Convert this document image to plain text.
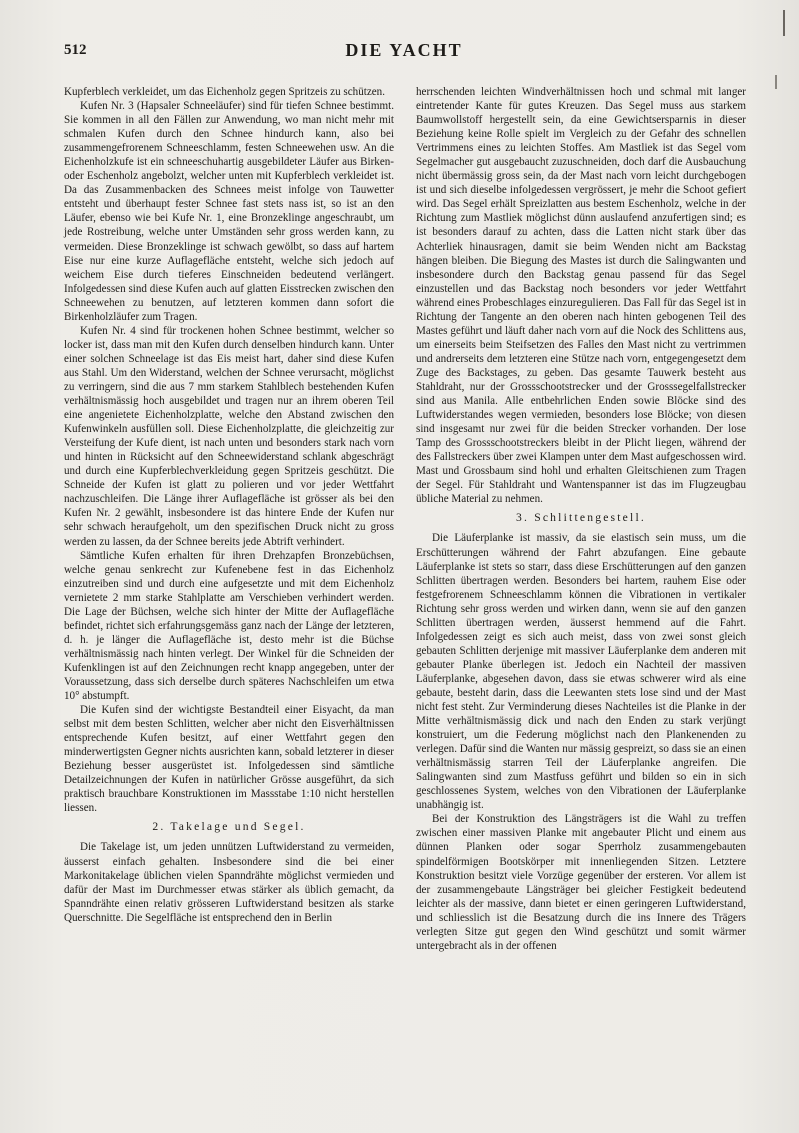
512	DIE YACHT

Kupferblech verkleidet, um das Eichenholz gegen Spritzeis zu schützen.

Kufen Nr. 3 (Hapsaler Schneeläufer) sind für tiefen Schnee bestimmt. Sie kommen in all den Fällen zur Anwendung, wo man nicht mehr mit schmalen Kufen durch den Schnee hindurch kann, also bei zusammengefrorenem Schneeschlamm, festen Schneewehen usw. An die Eichenholzkufe ist ein schneeschuhartig ausgebildeter Läufer aus Birken- oder Eschenholz angebolzt, welcher unten mit Kupferblech verkleidet ist. Da das Zusammenbacken des Schnees meist infolge von Tauwetter entsteht und überhaupt fester Schnee fast stets nass ist, so ist an den Läufer, ebenso wie bei Kufe Nr. 1, eine Bronzeklinge angeschraubt, um jede Rostreibung, welche unter Umständen sehr gross werden kann, zu vermeiden. Diese Bronzeklinge ist schwach gewölbt, so dass auf hartem Eise nur eine kurze Auflagefläche entsteht, welche sich jedoch auf weichem Eise durch tieferes Einschneiden bedeutend verlängert. Infolgedessen sind diese Kufen auch auf glatten Eisstrecken zwischen den Schneewehen zu benutzen, auf letzteren kommen dann sofort die Birkenholzläufer zum Tragen.

Kufen Nr. 4 sind für trockenen hohen Schnee bestimmt, welcher so locker ist, dass man mit den Kufen durch denselben hindurch kann. Unter einer solchen Schneelage ist das Eis meist hart, daher sind diese Kufen aus Stahl. Um den Widerstand, welchen der Schnee verursacht, möglichst zu verringern, sind die aus 7 mm starkem Stahlblech bestehenden Kufen verhältnismässig hoch ausgebildet und tragen nur an ihrem oberen Teil eine angenietete Eichenholzplatte, welche den Abstand zwischen den Kufenwinkeln ausfüllen soll. Diese Eichenholzplatte, die gleichzeitig zur Versteifung der Kufe dient, ist nach unten und besonders stark nach vorn und hinten in Rücksicht auf den Schneewiderstand schlank abgeschrägt und durch eine Kupferblechverkleidung gegen Spritzeis geschützt. Die Schneide der Kufen ist glatt zu polieren und vor jeder Wettfahrt nachzuschleifen. Die Länge ihrer Auflagefläche ist grösser als bei den Kufen Nr. 2 gewählt, insbesondere ist das hintere Ende der Kufen nur sehr schwach heraufgeholt, um den spezifischen Druck nicht zu gross werden zu lassen, da der Schnee bereits jede Abtrift verhindert.

Sämtliche Kufen erhalten für ihren Drehzapfen Bronzebüchsen, welche genau senkrecht zur Kufenebene fest in das Eichenholz einzutreiben sind und durch eine aufgesetzte und mit dem Eichenholz vernietete 2 mm starke Stahlplatte am Verschieben verhindert werden. Die Lage der Büchsen, welche sich hinter der Mitte der Auflagefläche befindet, richtet sich erfahrungsgemäss ganz nach der Länge der letzteren, d. h. je länger die Auflagefläche ist, desto mehr ist die Büchse verhältnismässig nach hinten verlegt. Der Winkel für die Schneiden der Kufenklingen ist auf den Zeichnungen recht knapp angegeben, unter der Voraussetzung, dass sich derselbe durch späteres Nachschleifen um etwa 10° abstumpft.

Die Kufen sind der wichtigste Bestandteil einer Eisyacht, da man selbst mit dem besten Schlitten, welcher aber nicht den Eisverhältnissen entsprechende Kufen besitzt, auf einer Wettfahrt gegen den minderwertigsten Gegner nichts ausrichten kann, sobald letzterer in dieser Beziehung besser ausgerüstet ist. Infolgedessen sind sämtliche Detailzeichnungen der Kufen in natürlicher Grösse ausgeführt, da sich praktisch brauchbare Konstruktionen im Massstabe 1:10 nicht herstellen liessen.

2. Takelage und Segel.

Die Takelage ist, um jeden unnützen Luftwiderstand zu vermeiden, äusserst einfach gehalten. Insbesondere sind die bei einer Markonitakelage üblichen vielen Spanndrähte möglichst vermieden und dafür der Mast im Durchmesser etwas stärker als üblich gemacht, da Spanndrähte einen relativ grösseren Luftwiderstand besitzen als starke Querschnitte. Die Segelfläche ist entsprechend den in Berlin

herrschenden leichten Windverhältnissen hoch und schmal mit langer eintretender Kante für gutes Kreuzen. Das Segel muss aus starkem Baumwollstoff hergestellt sein, da eine Gewichtsersparnis in dieser Beziehung keine Rolle spielt im Vergleich zu der Gefahr des schnellen Vertrimmens eines zu leichten Stoffes. Am Mastliek ist das Segel vom Segelmacher gut ausgebaucht zuzuschneiden, doch darf die Ausbauchung nicht übermässig gross sein, da der Mast nach vorn leicht durchgebogen ist und sich dieselbe infolgedessen vergrössert, je mehr die Schoot gefiert wird. Das Segel erhält Spreizlatten aus bestem Eschenholz, welche in der Richtung zum Mastliek möglichst dünn auslaufend anzufertigen sind; es ist besonders darauf zu achten, dass die Latten nicht stark über das Achterliek hinausragen, damit sie beim Wenden nicht am Backstag hängen bleiben. Die Biegung des Mastes ist durch die Salingwanten und insbesondere durch den Backstag genau passend für das Segel einzustellen und das Backstag noch besonders vor jeder Wettfahrt während eines Probeschlages einzuregulieren. Das Fall für das Segel ist in Richtung der Tangente an den oberen nach hinten gebogenen Teil des Mastes geführt und läuft daher nach vorn auf die Nock des Schlittens aus, um einerseits beim Steifsetzen des Falles den Mast nicht zu vertrimmen und andrerseits dem letzteren eine Stütze nach vorn, entgegengesetzt dem Zuge des Backstages, zu geben. Das gesamte Tauwerk besteht aus Stahldraht, nur der Grossschootstrecker und der Grosssegelfallstrecker sind aus Manila. Alle entbehrlichen Enden sowie Blöcke sind des Luftwiderstandes wegen vermieden, besonders lose Blöcke; von diesen sind insgesamt nur zwei für die beiden Strecker vorhanden. Der lose Tamp des Grossschootstreckers bleibt in der Plicht liegen, während der des Fallstreckers über zwei Klampen unter dem Mast aufgeschossen wird. Mast und Grossbaum sind hohl und erhalten Gleitschienen zum Tragen der Segel. Für Stahldraht und Wantenspanner ist das im Flugzeugbau übliche Material zu nehmen.

3. Schlittengestell.

Die Läuferplanke ist massiv, da sie elastisch sein muss, um die Erschütterungen während der Fahrt abzufangen. Eine gebaute Läuferplanke ist stets so starr, dass diese Erschütterungen auf den ganzen Schlitten übertragen werden. Besonders bei hartem, rauhem Eise oder festgefrorenem Schneeschlamm können die Vibrationen in vertikaler Richtung sehr gross werden und wirken dann, wenn sie auf den ganzen Schlitten übertragen werden, äusserst hemmend auf die Fahrt. Infolgedessen zeigt es sich auch meist, dass von zwei sonst gleich gebauten Schlitten derjenige mit massiver Läuferplanke dem anderen mit gebauter Planke überlegen ist. Jedoch ein Nachteil der massiven Läuferplanke, abgesehen davon, dass sie etwas schwerer wird als eine gebaute, besteht darin, dass die Leewanten stets lose sind und der Mast nicht fest steht. Zur Verminderung dieses Nachteiles ist die Planke in der Mitte verhältnismässig dick und nach den Enden zu stark verjüngt konstruiert, um die Federung möglichst nach den Plankenenden zu verlegen. Dafür sind die Wanten nur mässig gespreizt, so dass sie an einen verhältnismässig starren Teil der Läuferplanke angreifen. Die Salingwanten sind zum Mastfuss geführt und bilden so ein in sich geschlossenes System, welches von den Vibrationen der Läuferplanke unabhängig ist.

Bei der Konstruktion des Längsträgers ist die Wahl zu treffen zwischen einer massiven Planke mit angebauter Plicht und einem aus dünnen Planken oder sogar Sperrholz zusammengebauten spindelförmigen Bootskörper mit innenliegenden Sitzen. Letztere Konstruktion besitzt viele Vorzüge gegenüber der ersteren. Vor allem ist der zusammengebaute Längsträger bei gleicher Festigkeit bedeutend leichter als der massive, dann bietet er einen geringeren Luftwiderstand, und schliesslich ist die Besatzung durch die ins Innere des Trägers verlegten Sitze gut gegen den Wind geschützt und somit wärmer untergebracht als in der offenen
